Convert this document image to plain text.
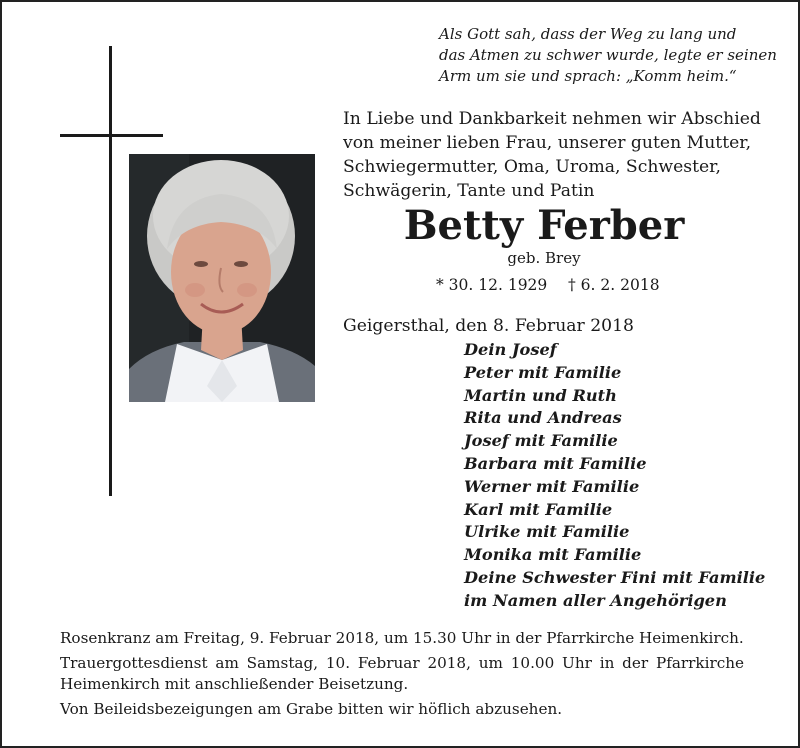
Als Gott sah, dass der Weg zu lang und
das Atmen zu schwer wurde, legte er seinen
Arm um sie und sprach: „Komm heim.“
In Liebe und Dankbarkeit nehmen wir Abschied
von meiner lieben Frau, unserer guten Mutter,
Schwiegermutter, Oma, Uroma, Schwester,
Schwägerin, Tante und Patin
Betty Ferber
geb. Brey
* 30. 12. 1929 † 6. 2. 2018
Geigersthal, den 8. Februar 2018
Dein Josef
Peter mit Familie
Martin und Ruth
Rita und Andreas
Josef mit Familie
Barbara mit Familie
Werner mit Familie
Karl mit Familie
Ulrike mit Familie
Monika mit Familie
Deine Schwester Fini mit Familie
im Namen aller Angehörigen

Rosenkranz am Freitag, 9. Februar 2018, um 15.30 Uhr in der Pfarrkirche Heimenkirch.

Trauergottesdienst am Samstag, 10. Februar 2018, um 10.00 Uhr in der Pfarrkirche Heimenkirch mit anschließender Beisetzung.

Von Beileidsbezeigungen am Grabe bitten wir höflich abzusehen.
